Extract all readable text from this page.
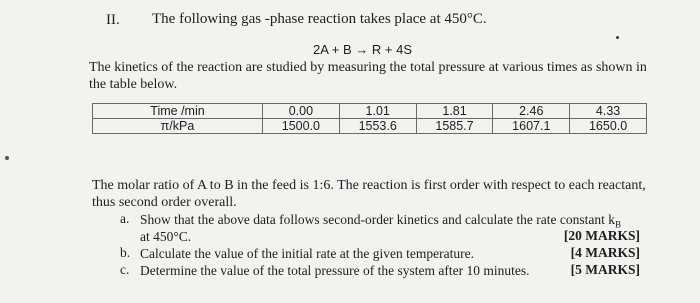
II. The following gas -phase reaction takes place at 450°C.
2A + B → R + 4S
The kinetics of the reaction are studied by measuring the total pressure at various times as shown in the table below.
Time /min	0.00	1.01	1.81	2.46	4.33
π/kPa	1500.0	1553.6	1585.7	1607.1	1650.0
The molar ratio of A to B in the feed is 1:6. The reaction is first order with respect to each reactant, thus second order overall.
a. Show that the above data follows second-order kinetics and calculate the rate constant $k_B$
at 450°C.	[20 MARKS]
b. Calculate the value of the initial rate at the given temperature.	[4 MARKS]
c. Determine the value of the total pressure of the system after 10 minutes.	[5 MARKS]
